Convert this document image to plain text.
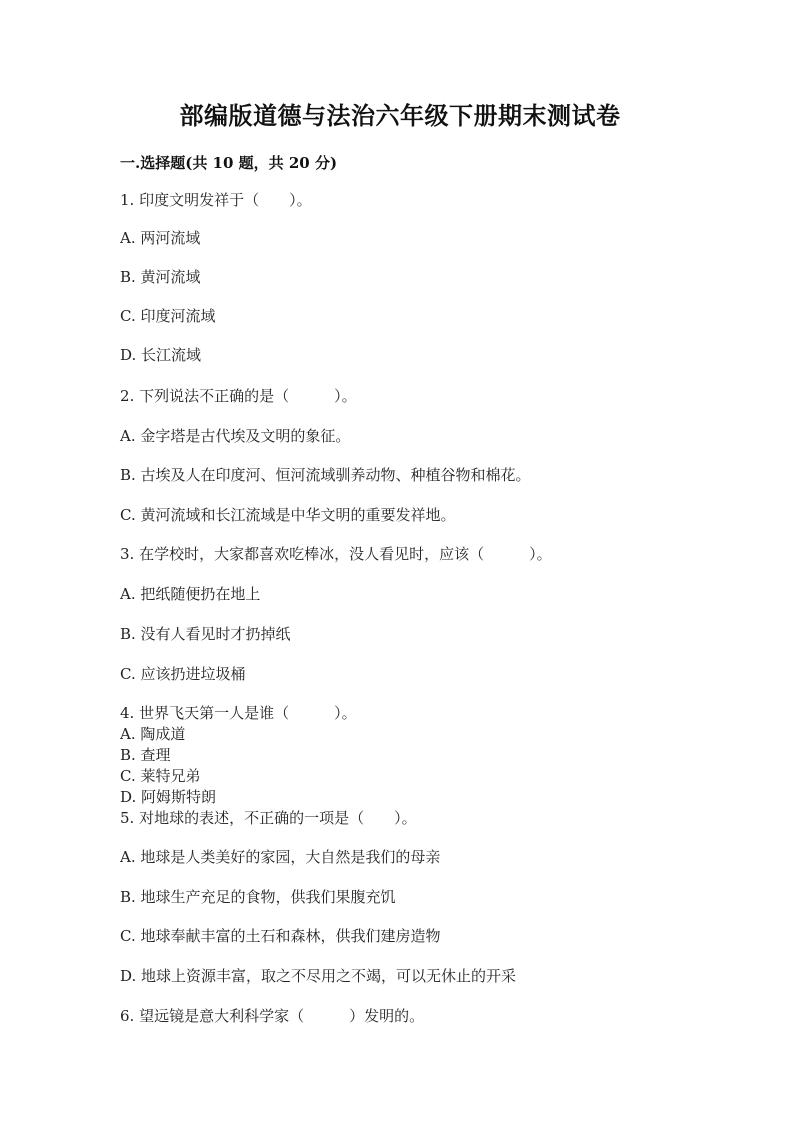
部编版道德与法治六年级下册期末测试卷
一.选择题(共 10 题，共 20 分)
1. 印度文明发祥于（　　）。
A. 两河流域
B. 黄河流域
C. 印度河流域
D. 长江流域
2. 下列说法不正确的是（　　　）。
A. 金字塔是古代埃及文明的象征。
B. 古埃及人在印度河、恒河流域驯养动物、种植谷物和棉花。
C. 黄河流域和长江流域是中华文明的重要发祥地。
3. 在学校时，大家都喜欢吃棒冰，没人看见时，应该（　　　）。
A. 把纸随便扔在地上
B. 没有人看见时才扔掉纸
C. 应该扔进垃圾桶
4. 世界飞天第一人是谁（　　　）。
A. 陶成道
B. 查理
C. 莱特兄弟
D. 阿姆斯特朗
5. 对地球的表述，不正确的一项是（　　）。
A. 地球是人类美好的家园，大自然是我们的母亲
B. 地球生产充足的食物，供我们果腹充饥
C. 地球奉献丰富的土石和森林，供我们建房造物
D. 地球上资源丰富，取之不尽用之不竭，可以无休止的开采
6. 望远镜是意大利科学家（　　　）发明的。
